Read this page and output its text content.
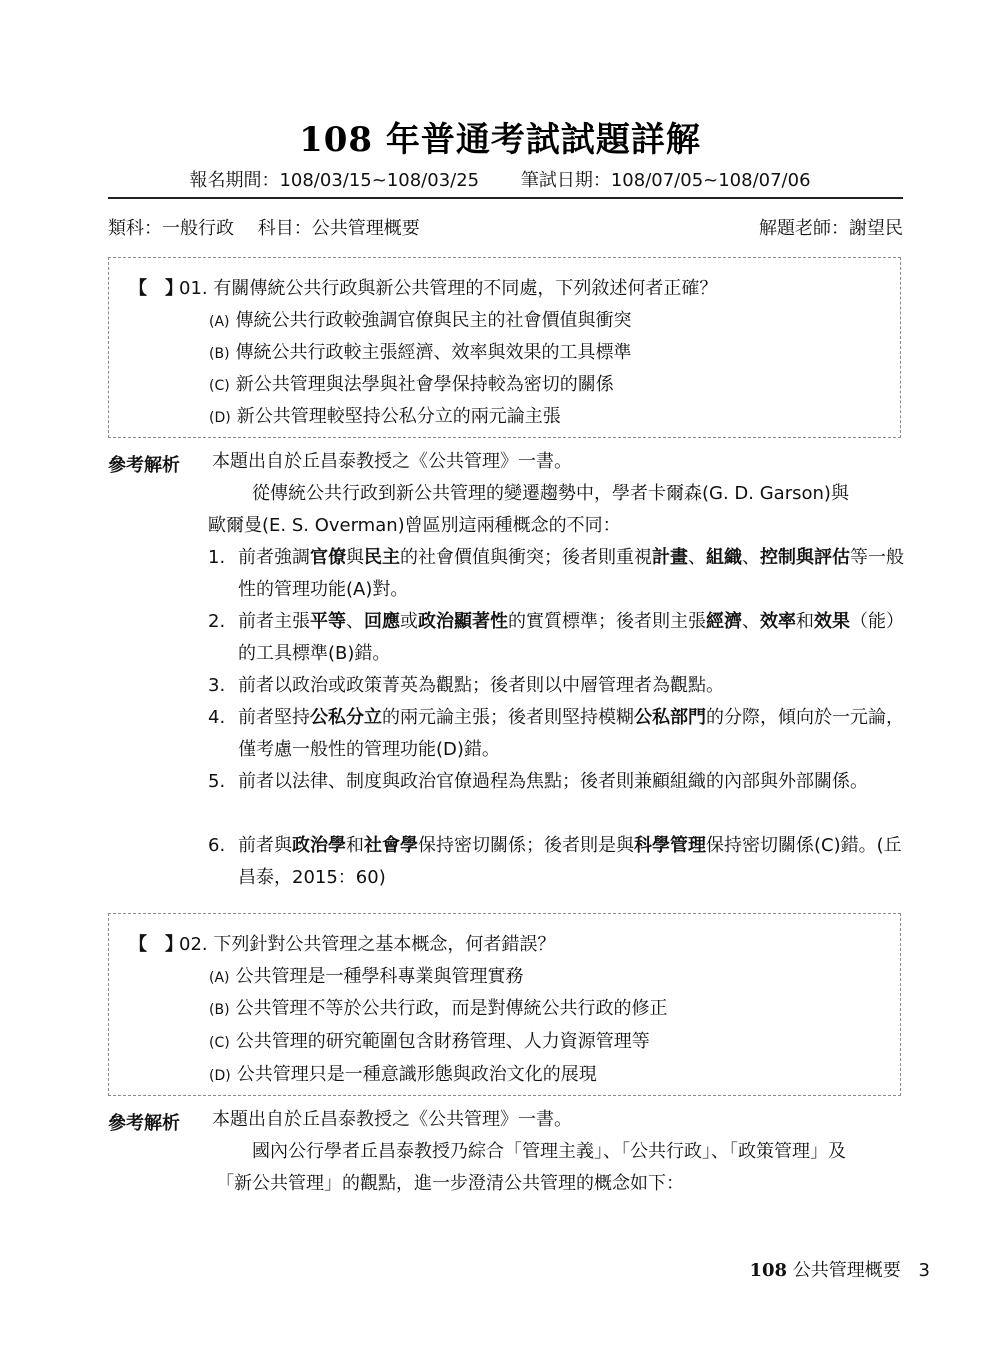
108 年普通考試試題詳解
報名期間：108/03/15~108/03/25 筆試日期：108/07/05~108/07/06
類科：一般行政 科目：公共管理概要	解題老師：謝望民
【　】01. 有關傳統公共行政與新公共管理的不同處，下列敘述何者正確？
(A) 傳統公共行政較強調官僚與民主的社會價值與衝突
(B) 傳統公共行政較主張經濟、效率與效果的工具標準
(C) 新公共管理與法學與社會學保持較為密切的關係
(D) 新公共管理較堅持公私分立的兩元論主張
參考解析 本題出自於丘昌泰教授之《公共管理》一書。
從傳統公共行政到新公共管理的變遷趨勢中，學者卡爾森(G. D. Garson)與
歐爾曼(E. S. Overman)曾區別這兩種概念的不同：
1. 前者強調官僚與民主的社會價值與衝突；後者則重視計畫、組織、控制與評估等一般性的管理功能(A)對。
2. 前者主張平等、回應或政治顯著性的實質標準；後者則主張經濟、效率和效果（能）的工具標準(B)錯。
3. 前者以政治或政策菁英為觀點；後者則以中層管理者為觀點。
4. 前者堅持公私分立的兩元論主張；後者則堅持模糊公私部門的分際，傾向於一元論，僅考慮一般性的管理功能(D)錯。
5. 前者以法律、制度與政治官僚過程為焦點；後者則兼顧組織的內部與外部關係。
6. 前者與政治學和社會學保持密切關係；後者則是與科學管理保持密切關係(C)錯。(丘昌泰，2015：60)
【　】02. 下列針對公共管理之基本概念，何者錯誤？
(A) 公共管理是一種學科專業與管理實務
(B) 公共管理不等於公共行政，而是對傳統公共行政的修正
(C) 公共管理的研究範圍包含財務管理、人力資源管理等
(D) 公共管理只是一種意識形態與政治文化的展現
參考解析 本題出自於丘昌泰教授之《公共管理》一書。
國內公行學者丘昌泰教授乃綜合「管理主義」、「公共行政」、「政策管理」及
「新公共管理」的觀點，進一步澄清公共管理的概念如下：
108 公共管理概要 3
